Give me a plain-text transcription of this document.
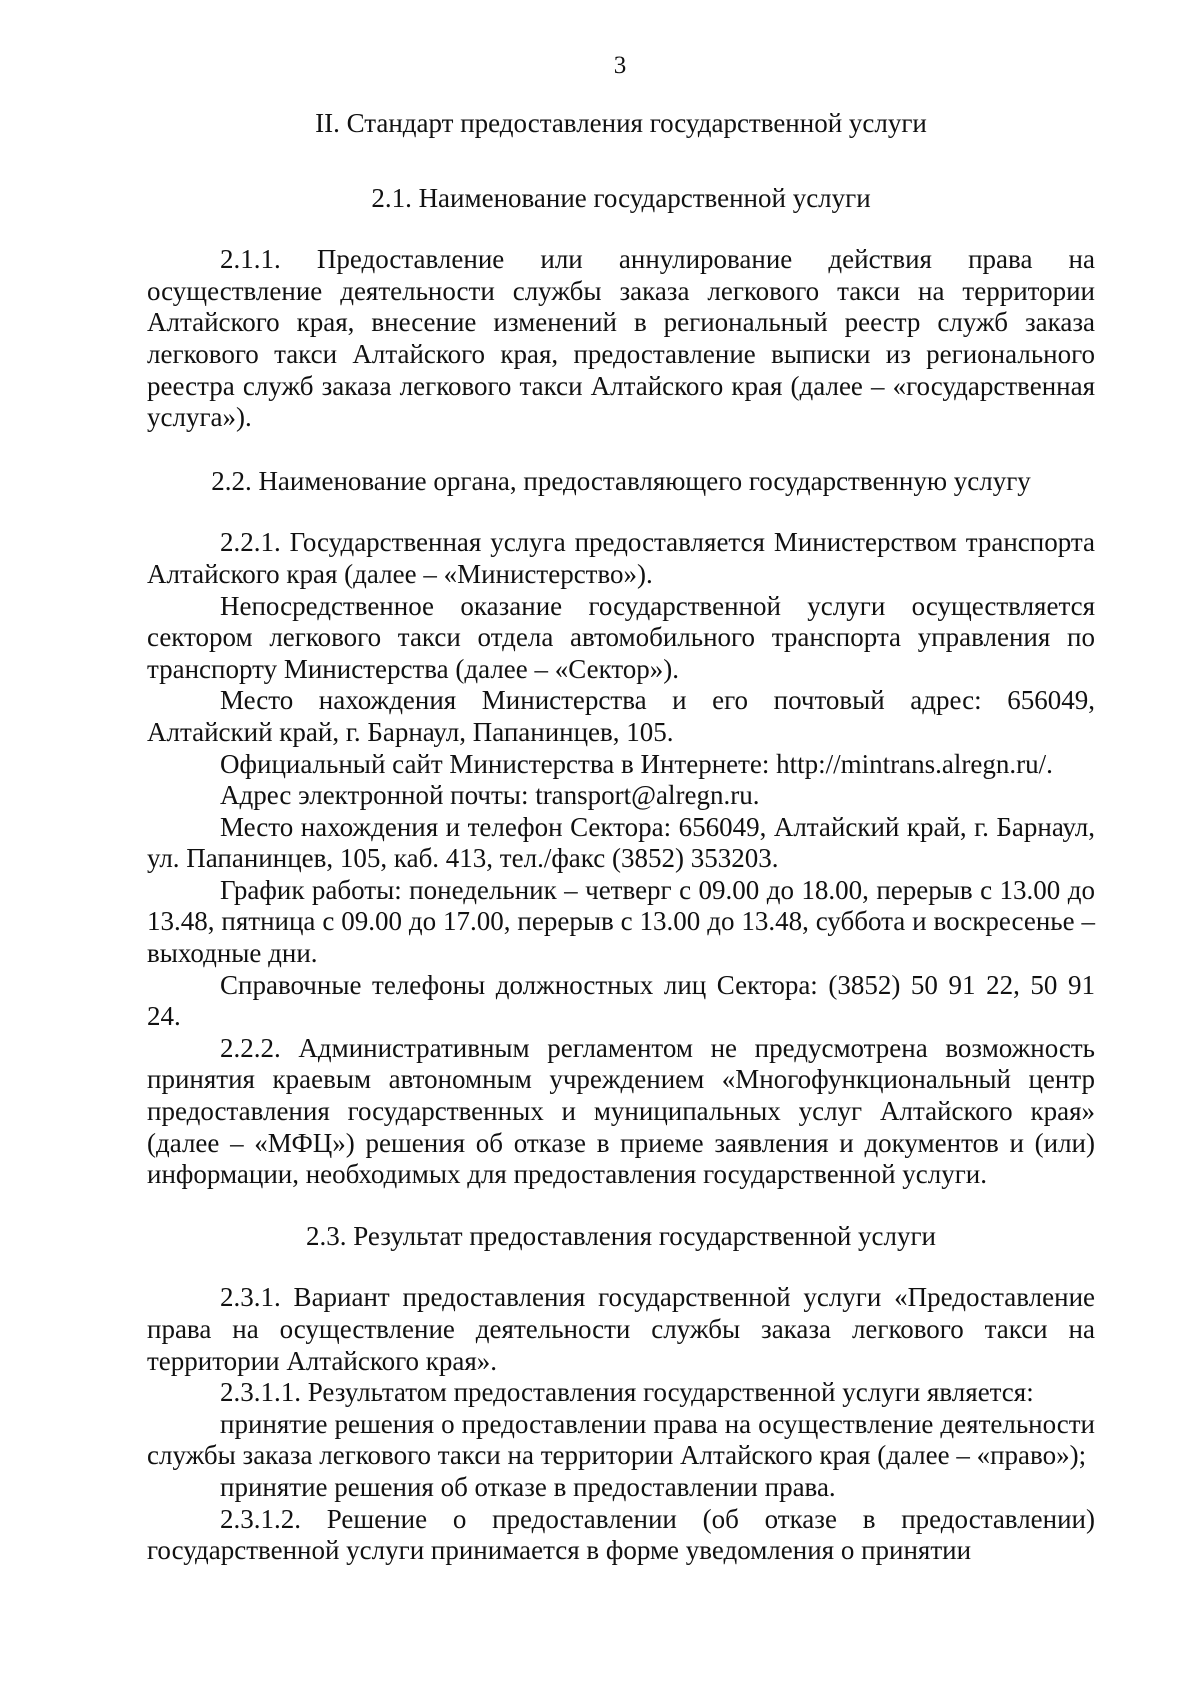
3
II. Стандарт предоставления государственной услуги
2.1. Наименование государственной услуги

2.1.1. Предоставление или аннулирование действия права на осуществление деятельности службы заказа легкового такси на территории Алтайского края, внесение изменений в региональный реестр служб заказа легкового такси Алтайского края, предоставление выписки из регионального реестра служб заказа легкового такси Алтайского края (далее – «государственная услуга»).

2.2. Наименование органа, предоставляющего государственную услугу

2.2.1. Государственная услуга предоставляется Министерством транспорта Алтайского края (далее – «Министерство»).

Непосредственное оказание государственной услуги осуществляется сектором легкового такси отдела автомобильного транспорта управления по транспорту Министерства (далее – «Сектор»).

Место нахождения Министерства и его почтовый адрес: 656049, Алтайский край, г. Барнаул, Папанинцев, 105.

Официальный сайт Министерства в Интернете: http://mintrans.alregn.ru/.

Адрес электронной почты: transport@alregn.ru.

Место нахождения и телефон Сектора: 656049, Алтайский край, г. Барнаул, ул. Папанинцев, 105, каб. 413, тел./факс (3852) 353203.

График работы: понедельник – четверг с 09.00 до 18.00, перерыв с 13.00 до 13.48, пятница с 09.00 до 17.00, перерыв с 13.00 до 13.48, суббота и воскресенье – выходные дни.

Справочные телефоны должностных лиц Сектора: (3852) 50 91 22, 50 91 24.

2.2.2. Административным регламентом не предусмотрена возможность принятия краевым автономным учреждением «Многофункциональный центр предоставления государственных и муниципальных услуг Алтайского края» (далее – «МФЦ») решения об отказе в приеме заявления и документов и (или) информации, необходимых для предоставления государственной услуги.

2.3. Результат предоставления государственной услуги

2.3.1. Вариант предоставления государственной услуги «Предоставление права на осуществление деятельности службы заказа легкового такси на территории Алтайского края».

2.3.1.1. Результатом предоставления государственной услуги является:

принятие решения о предоставлении права на осуществление деятельности службы заказа легкового такси на территории Алтайского края (далее – «право»);

принятие решения об отказе в предоставлении права.

2.3.1.2. Решение о предоставлении (об отказе в предоставлении) государственной услуги принимается в форме уведомления о принятии
